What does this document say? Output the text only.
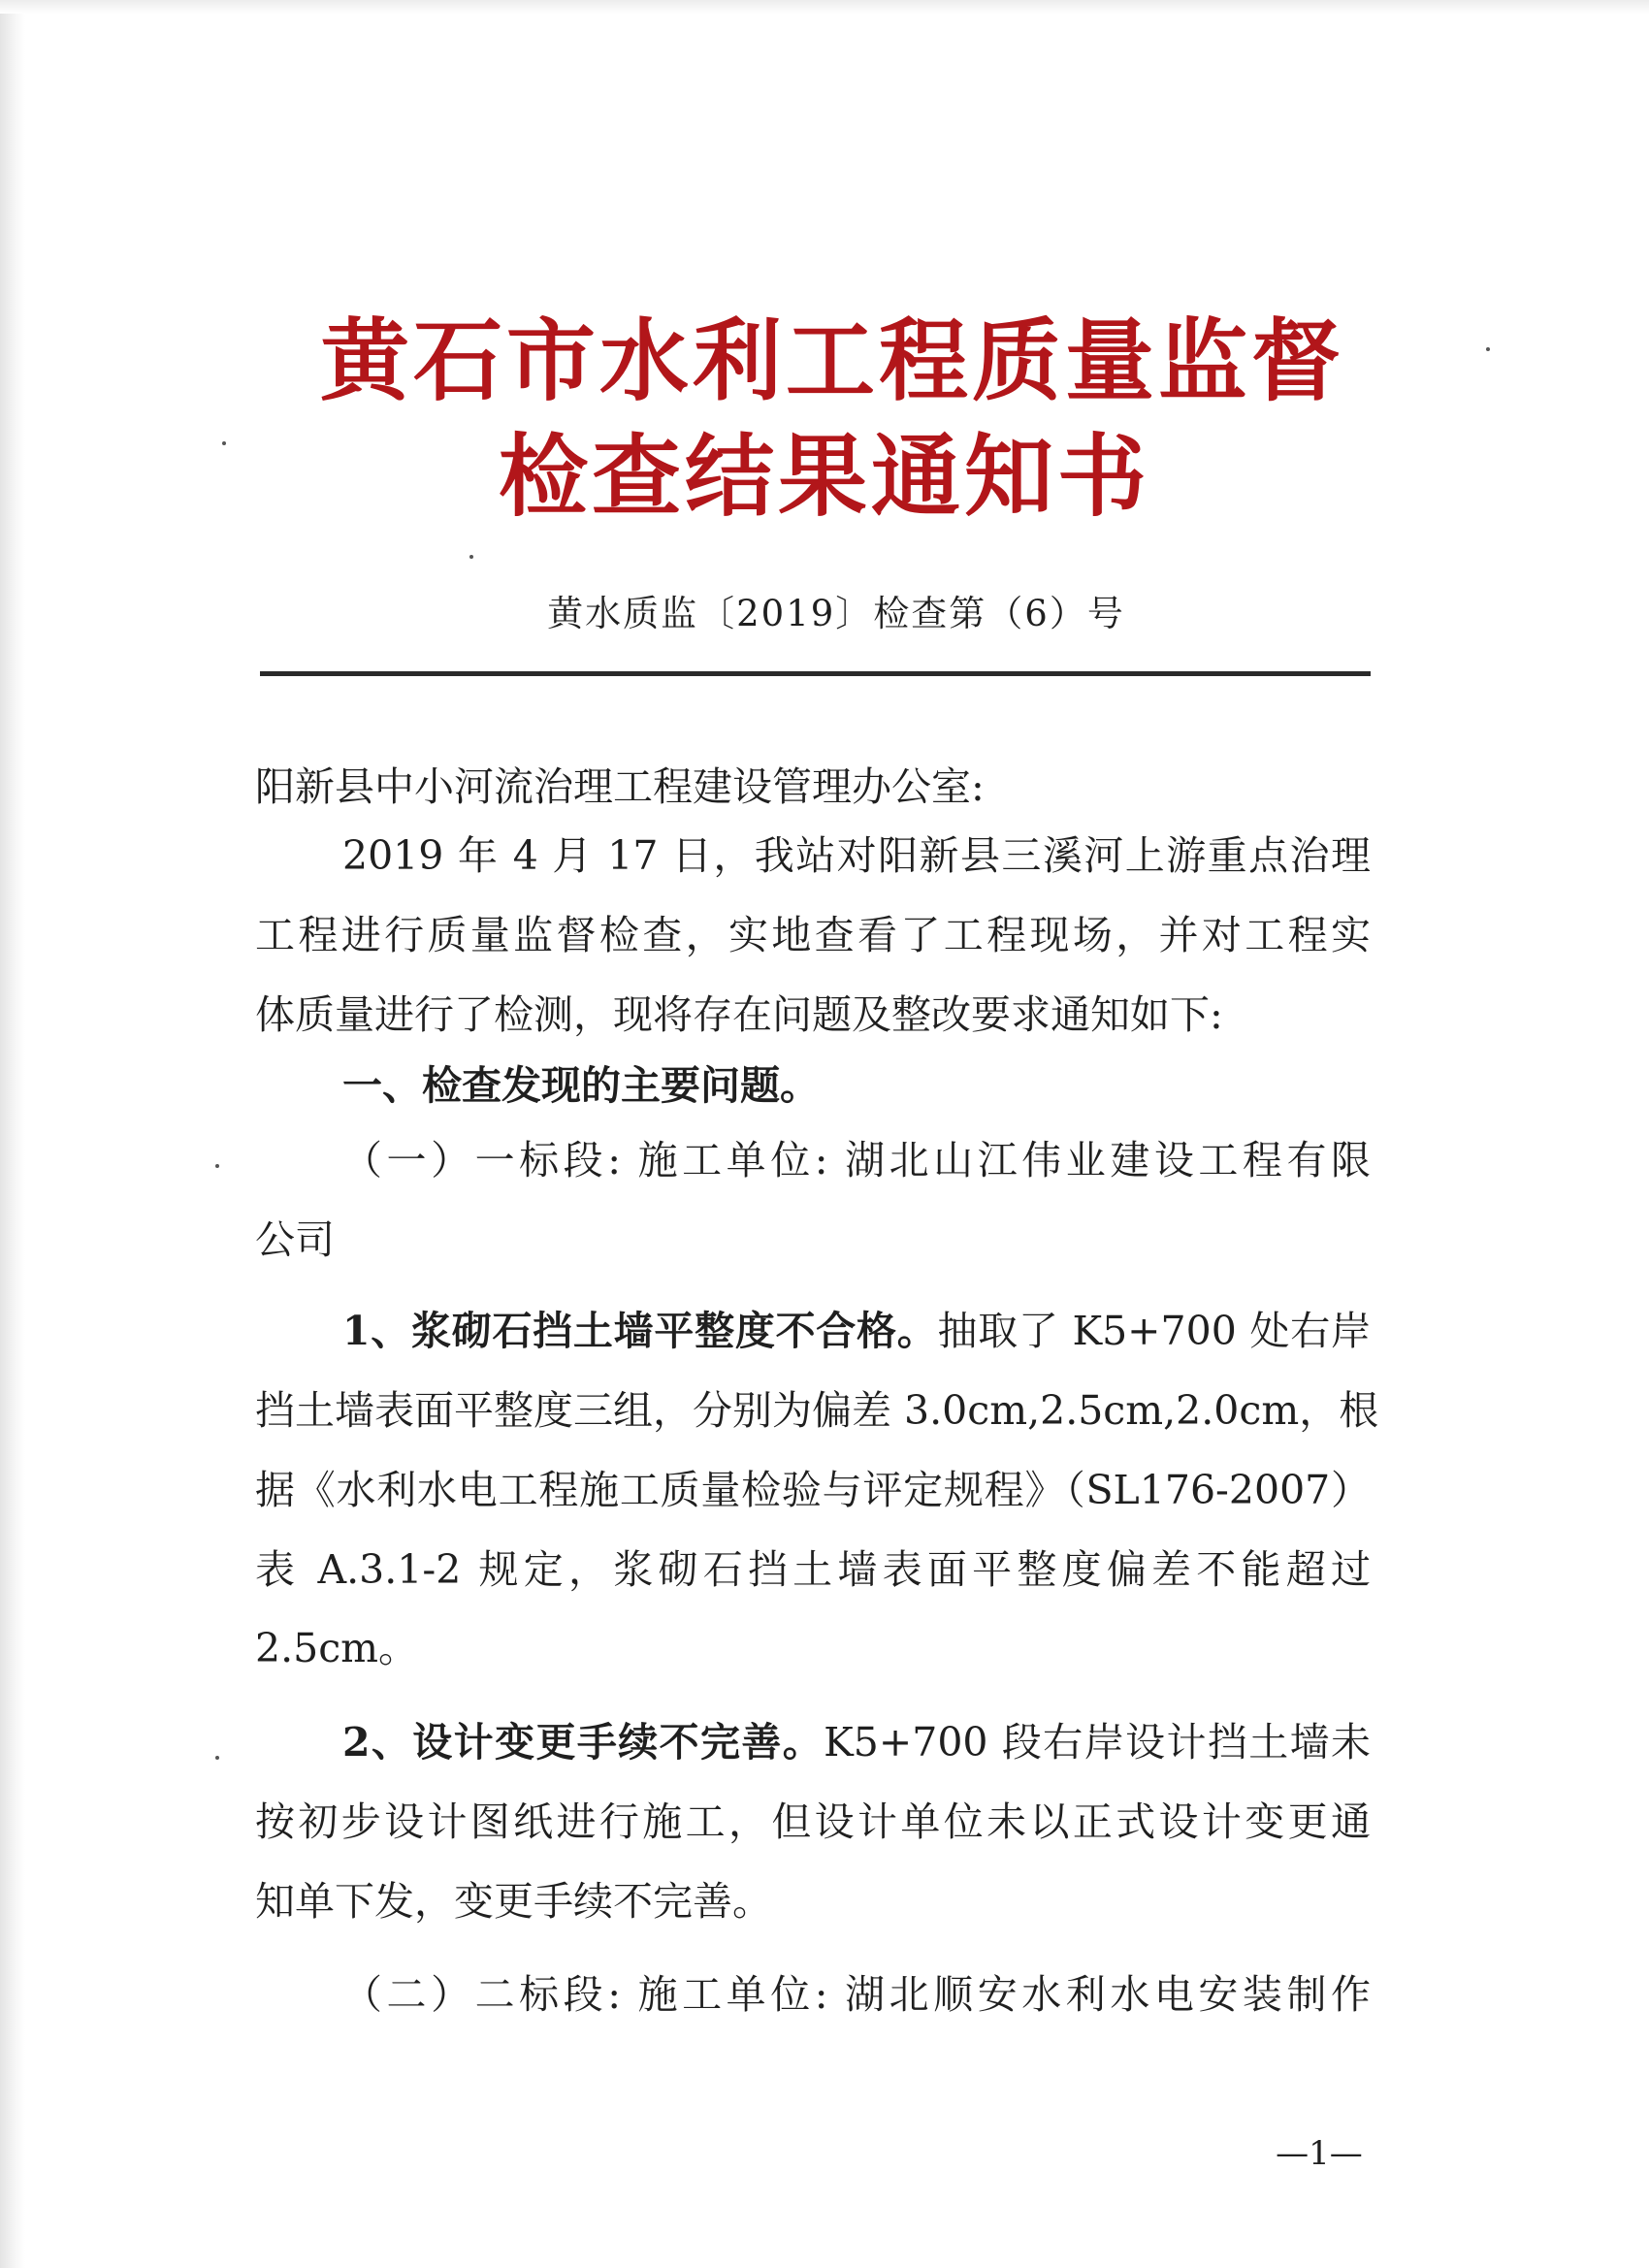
黄石市水利工程质量监督
检查结果通知书
黄水质监〔2019〕检查第（6）号
阳新县中小河流治理工程建设管理办公室:
2019 年 4 月 17 日，我站对阳新县三溪河上游重点治理
工程进行质量监督检查，实地查看了工程现场，并对工程实
体质量进行了检测，现将存在问题及整改要求通知如下:
一、检查发现的主要问题。
（一）一标段: 施工单位: 湖北山江伟业建设工程有限
公司
1、浆砌石挡土墙平整度不合格。抽取了 K5+700 处右岸
挡土墙表面平整度三组，分别为偏差 3.0cm,2.5cm,2.0cm，根
据《水利水电工程施工质量检验与评定规程》（SL176-2007）
表 A.3.1-2 规定，浆砌石挡土墙表面平整度偏差不能超过
2.5cm。
2、设计变更手续不完善。K5+700 段右岸设计挡土墙未
按初步设计图纸进行施工，但设计单位未以正式设计变更通
知单下发，变更手续不完善。
（二）二标段: 施工单位: 湖北顺安水利水电安装制作
—1—
